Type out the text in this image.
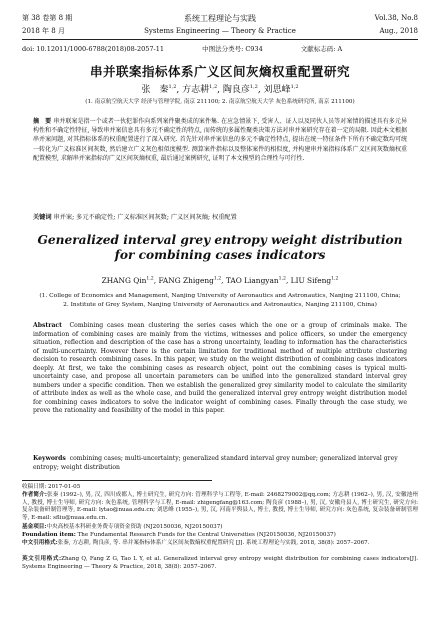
第 38 卷第 8 期	系统工程理论与实践	Vol.38, No.8
2018 年 8 月	Systems Engineering — Theory & Practice	Aug., 2018
doi: 10.12011/1000-6788(2018)08-2057-11	中图法分类号: C934	文献标志码: A
串并联案指标体系广义区间灰熵权重配置研究
张　秦$^{1,2}$, 方志耕$^{1,2}$, 陶良彦$^{1,2}$, 刘思峰$^{1,2}$
(1. 南京航空航天大学 经济与管理学院, 南京 211100; 2. 南京航空航天大学 灰色系统研究所, 南京 211100)
摘　要 串并联案是指一个或者一伙犯罪作向系列案件聚类成的案件集. 在应急情景下, 受害人、证人以及同伙人员等对案情的描述具有多元异构性和不确定性特征, 导致串并案信息具有多元不确定性的特点, 而传统的多属性聚类决策方法对串并案研究存在着一定的局限. 因此本文根据串并案问题, 对其指标体系的权重配置进行了深入研究. 首先针对串并案信息的多元不确定性特点, 提出在统一特征条件下所有不确定数均可统一转化为广义标准区间灰数, 然后建立广义灰色相似度模型. 测算案件指标以及整体案件的相似度, 并构建串并案指标体系广义区间灰数熵权重配置模型, 求解串并案指标的广义区间灰熵权重, 最后通过案例研究, 证明了本文模型的合理性与可行性.
关键词 串并案; 多元不确定性; 广义标准区间灰数; 广义区间灰熵; 权重配置
Generalized interval grey entropy weight distribution for combining cases indicators
ZHANG Qin$^{1,2}$, FANG Zhigeng$^{1,2}$, TAO Liangyan$^{1,2}$, LIU Sifeng$^{1,2}$
(1. College of Economics and Management, Nanjing University of Aeronautics and Astronautics, Nanjing 211100, China;
2. Institute of Grey System, Nanjing University of Aeronautics and Astronautics, Nanjing 211100, China)
Abstract Combining cases mean clustering the series cases which the one or a group of criminals make. The information of combining cases are mainly from the victims, witnesses and police officers, so under the emergency situation, reflection and description of the case has a strong uncertainty, leading to information has the characteristics of multi-uncertainty. However there is the certain limitation for traditional method of multiple attribute clustering decision to research combining cases. In this paper, we study on the weight distribution of combining cases indicators deeply. At first, we take the combining cases as research object, point out the combining cases is typical multi-uncertainty case, and propose all uncertain parameters can be unified into the generalized standard interval grey numbers under a specific condition. Then we establish the generalized grey similarity model to calculate the similarity of attribute index as well as the whole case, and build the generalized interval grey entropy weight distribution model for combining cases indicators to solve the indicator weight of combining cases. Finally through the case study, we prove the rationality and feasibility of the model in this paper.
Keywords combining cases; multi-uncertainty; generalized standard interval grey number; generalized interval grey entropy; weight distribution
收稿日期: 2017-01-05
作者简介:张秦 (1992–), 男, 汉, 四川成都人, 博士研究生, 研究方向: 管理科学与工程等, E-mail: 2468279002@qq.com; 方志耕 (1962–), 男, 汉, 安徽池州人, 教授, 博士生导师, 研究方向: 灰色系统, 管理科学与工程, E-mail: zhigengfang@163.com; 陶良彦 (1988–), 男, 汉, 安徽舟县人, 博士研究生, 研究方向: 复杂装备研制管理等, E-mail: lytao@nuaa.edu.cn; 刘思峰 (1955–), 男, 汉, 河南平舆县人, 博士, 教授, 博士生导师, 研究方向: 灰色系统, 复杂装备研制管理等, E-mail: sfliu@nuaa.edu.cn.
基金项目:中央高校基本科研业务费专项资金资助 (NJ20150036, NJ20150037)
Foundation item: The Fundamental Research Funds for the Central Universities (NJ20150036, NJ20150037)
中文引用格式:张秦, 方志耕, 陶良彦, 等. 串并案指标体系广义区间灰数熵权重配置研究 [J]. 系统工程理论与实践, 2018, 38(8): 2057–2067.
英文引用格式:Zhang Q, Fang Z G, Tao L Y, et al. Generalized interval grey entropy weight distribution for combining cases indicators[J]. Systems Engineering — Theory & Practice, 2018, 38(8): 2057–2067.
